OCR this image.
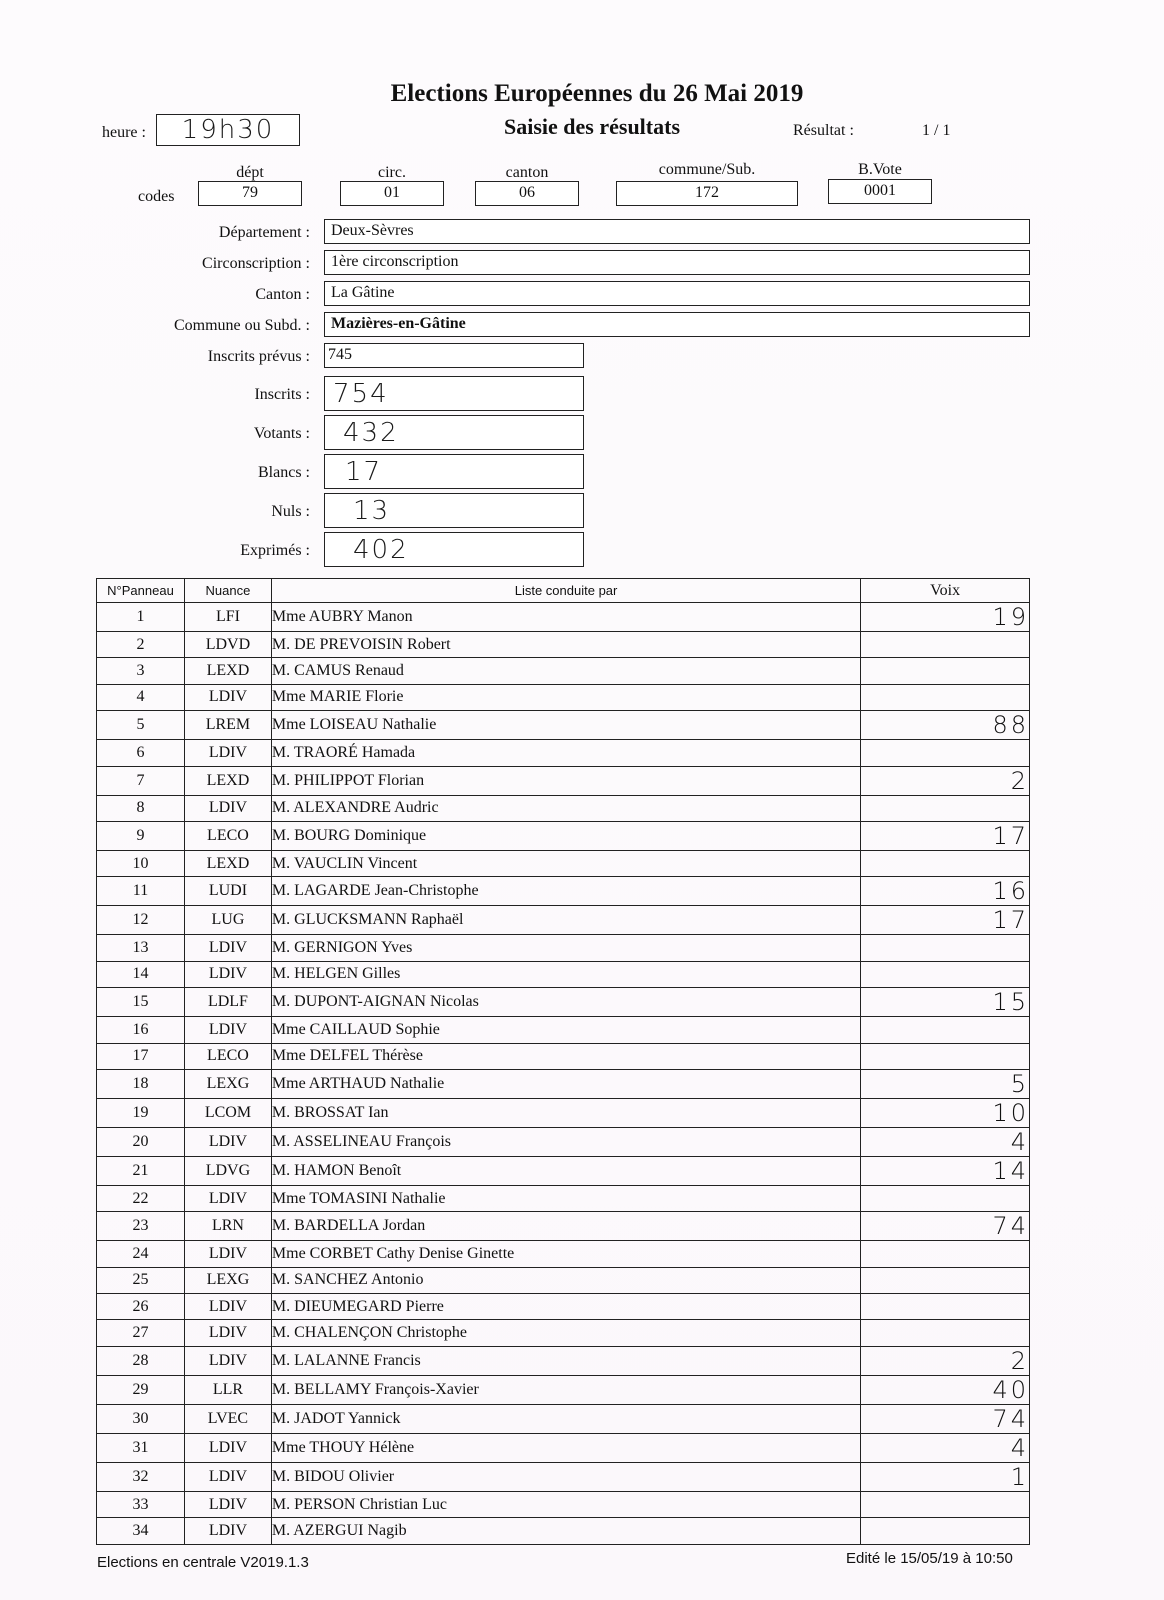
Elections Européennes du 26 Mai 2019
Saisie des résultats
heure :	19h30	Résultat :	1 / 1
dépt	circ.	canton	commune/Sub.	B.Vote
codes	79	01	06	172	0001
Département :	Deux-Sèvres
Circonscription :	1ère circonscription
Canton :	La Gâtine
Commune ou Subd. :	Mazières-en-Gâtine
Inscrits prévus : 745
Inscrits : 754
Votants :	432
Blancs :	17
Nuls :	13
Exprimés :	402
N°Panneau	Nuance	Liste conduite par	Voix
1	LFI	Mme AUBRY Manon	19
2	LDVD	M. DE PREVOISIN Robert	
3	LEXD	M. CAMUS Renaud	
4	LDIV	Mme MARIE Florie	
5	LREM	Mme LOISEAU Nathalie	88
6	LDIV	M. TRAORÉ Hamada	
7	LEXD	M. PHILIPPOT Florian	2
8	LDIV	M. ALEXANDRE Audric	
9	LECO	M. BOURG Dominique	17
10	LEXD	M. VAUCLIN Vincent	
11	LUDI	M. LAGARDE Jean-Christophe	16
12	LUG	M. GLUCKSMANN Raphaël	17
13	LDIV	M. GERNIGON Yves	
14	LDIV	M. HELGEN Gilles	
15	LDLF	M. DUPONT-AIGNAN Nicolas	15
16	LDIV	Mme CAILLAUD Sophie	
17	LECO	Mme DELFEL Thérèse	
18	LEXG	Mme ARTHAUD Nathalie	5
19	LCOM	M. BROSSAT Ian	10
20	LDIV	M. ASSELINEAU François	4
21	LDVG	M. HAMON Benoît	14
22	LDIV	Mme TOMASINI Nathalie	
23	LRN	M. BARDELLA Jordan	74
24	LDIV	Mme CORBET Cathy Denise Ginette	
25	LEXG	M. SANCHEZ Antonio	
26	LDIV	M. DIEUMEGARD Pierre	
27	LDIV	M. CHALENÇON Christophe	
28	LDIV	M. LALANNE Francis	2
29	LLR	M. BELLAMY François-Xavier	40
30	LVEC	M. JADOT Yannick	74
31	LDIV	Mme THOUY Hélène	4
32	LDIV	M. BIDOU Olivier	1
33	LDIV	M. PERSON Christian Luc	
34	LDIV	M. AZERGUI Nagib	
Elections en centrale V2019.1.3	Edité le 15/05/19 à 10:50
